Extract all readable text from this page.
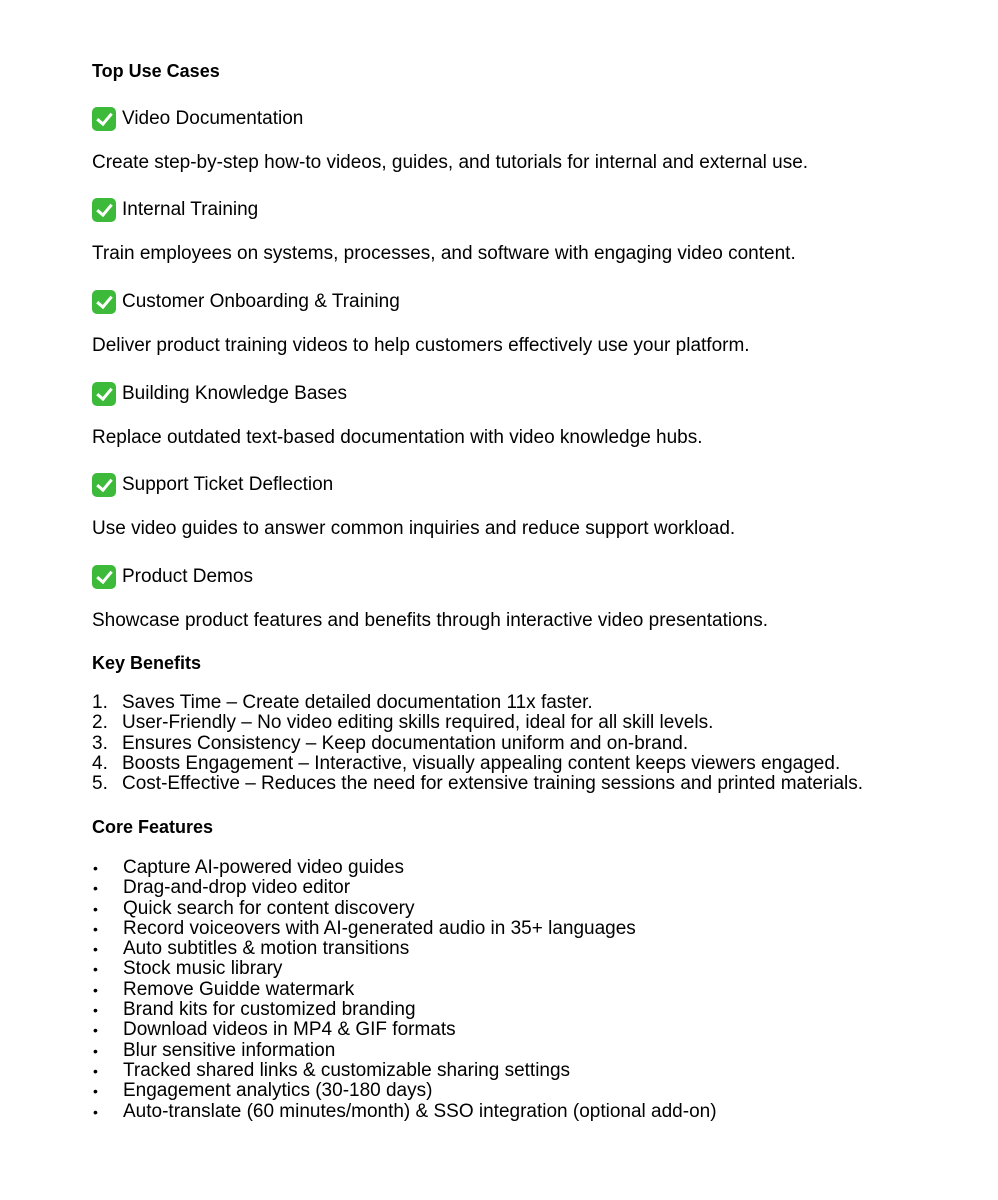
Top Use Cases
Video Documentation
Create step-by-step how-to videos, guides, and tutorials for internal and external use.
Internal Training
Train employees on systems, processes, and software with engaging video content.
Customer Onboarding & Training
Deliver product training videos to help customers effectively use your platform.
Building Knowledge Bases
Replace outdated text-based documentation with video knowledge hubs.
Support Ticket Deflection
Use video guides to answer common inquiries and reduce support workload.
Product Demos
Showcase product features and benefits through interactive video presentations.
Key Benefits
1. Saves Time – Create detailed documentation 11x faster.
2. User-Friendly – No video editing skills required, ideal for all skill levels.
3. Ensures Consistency – Keep documentation uniform and on-brand.
4. Boosts Engagement – Interactive, visually appealing content keeps viewers engaged.
5. Cost-Effective – Reduces the need for extensive training sessions and printed materials.
Core Features
•	Capture AI-powered video guides
•	Drag-and-drop video editor
•	Quick search for content discovery
•	Record voiceovers with AI-generated audio in 35+ languages
•	Auto subtitles & motion transitions
•	Stock music library
•	Remove Guidde watermark
•	Brand kits for customized branding
•	Download videos in MP4 & GIF formats
•	Blur sensitive information
•	Tracked shared links & customizable sharing settings
•	Engagement analytics (30-180 days)
•	Auto-translate (60 minutes/month) & SSO integration (optional add-on)
